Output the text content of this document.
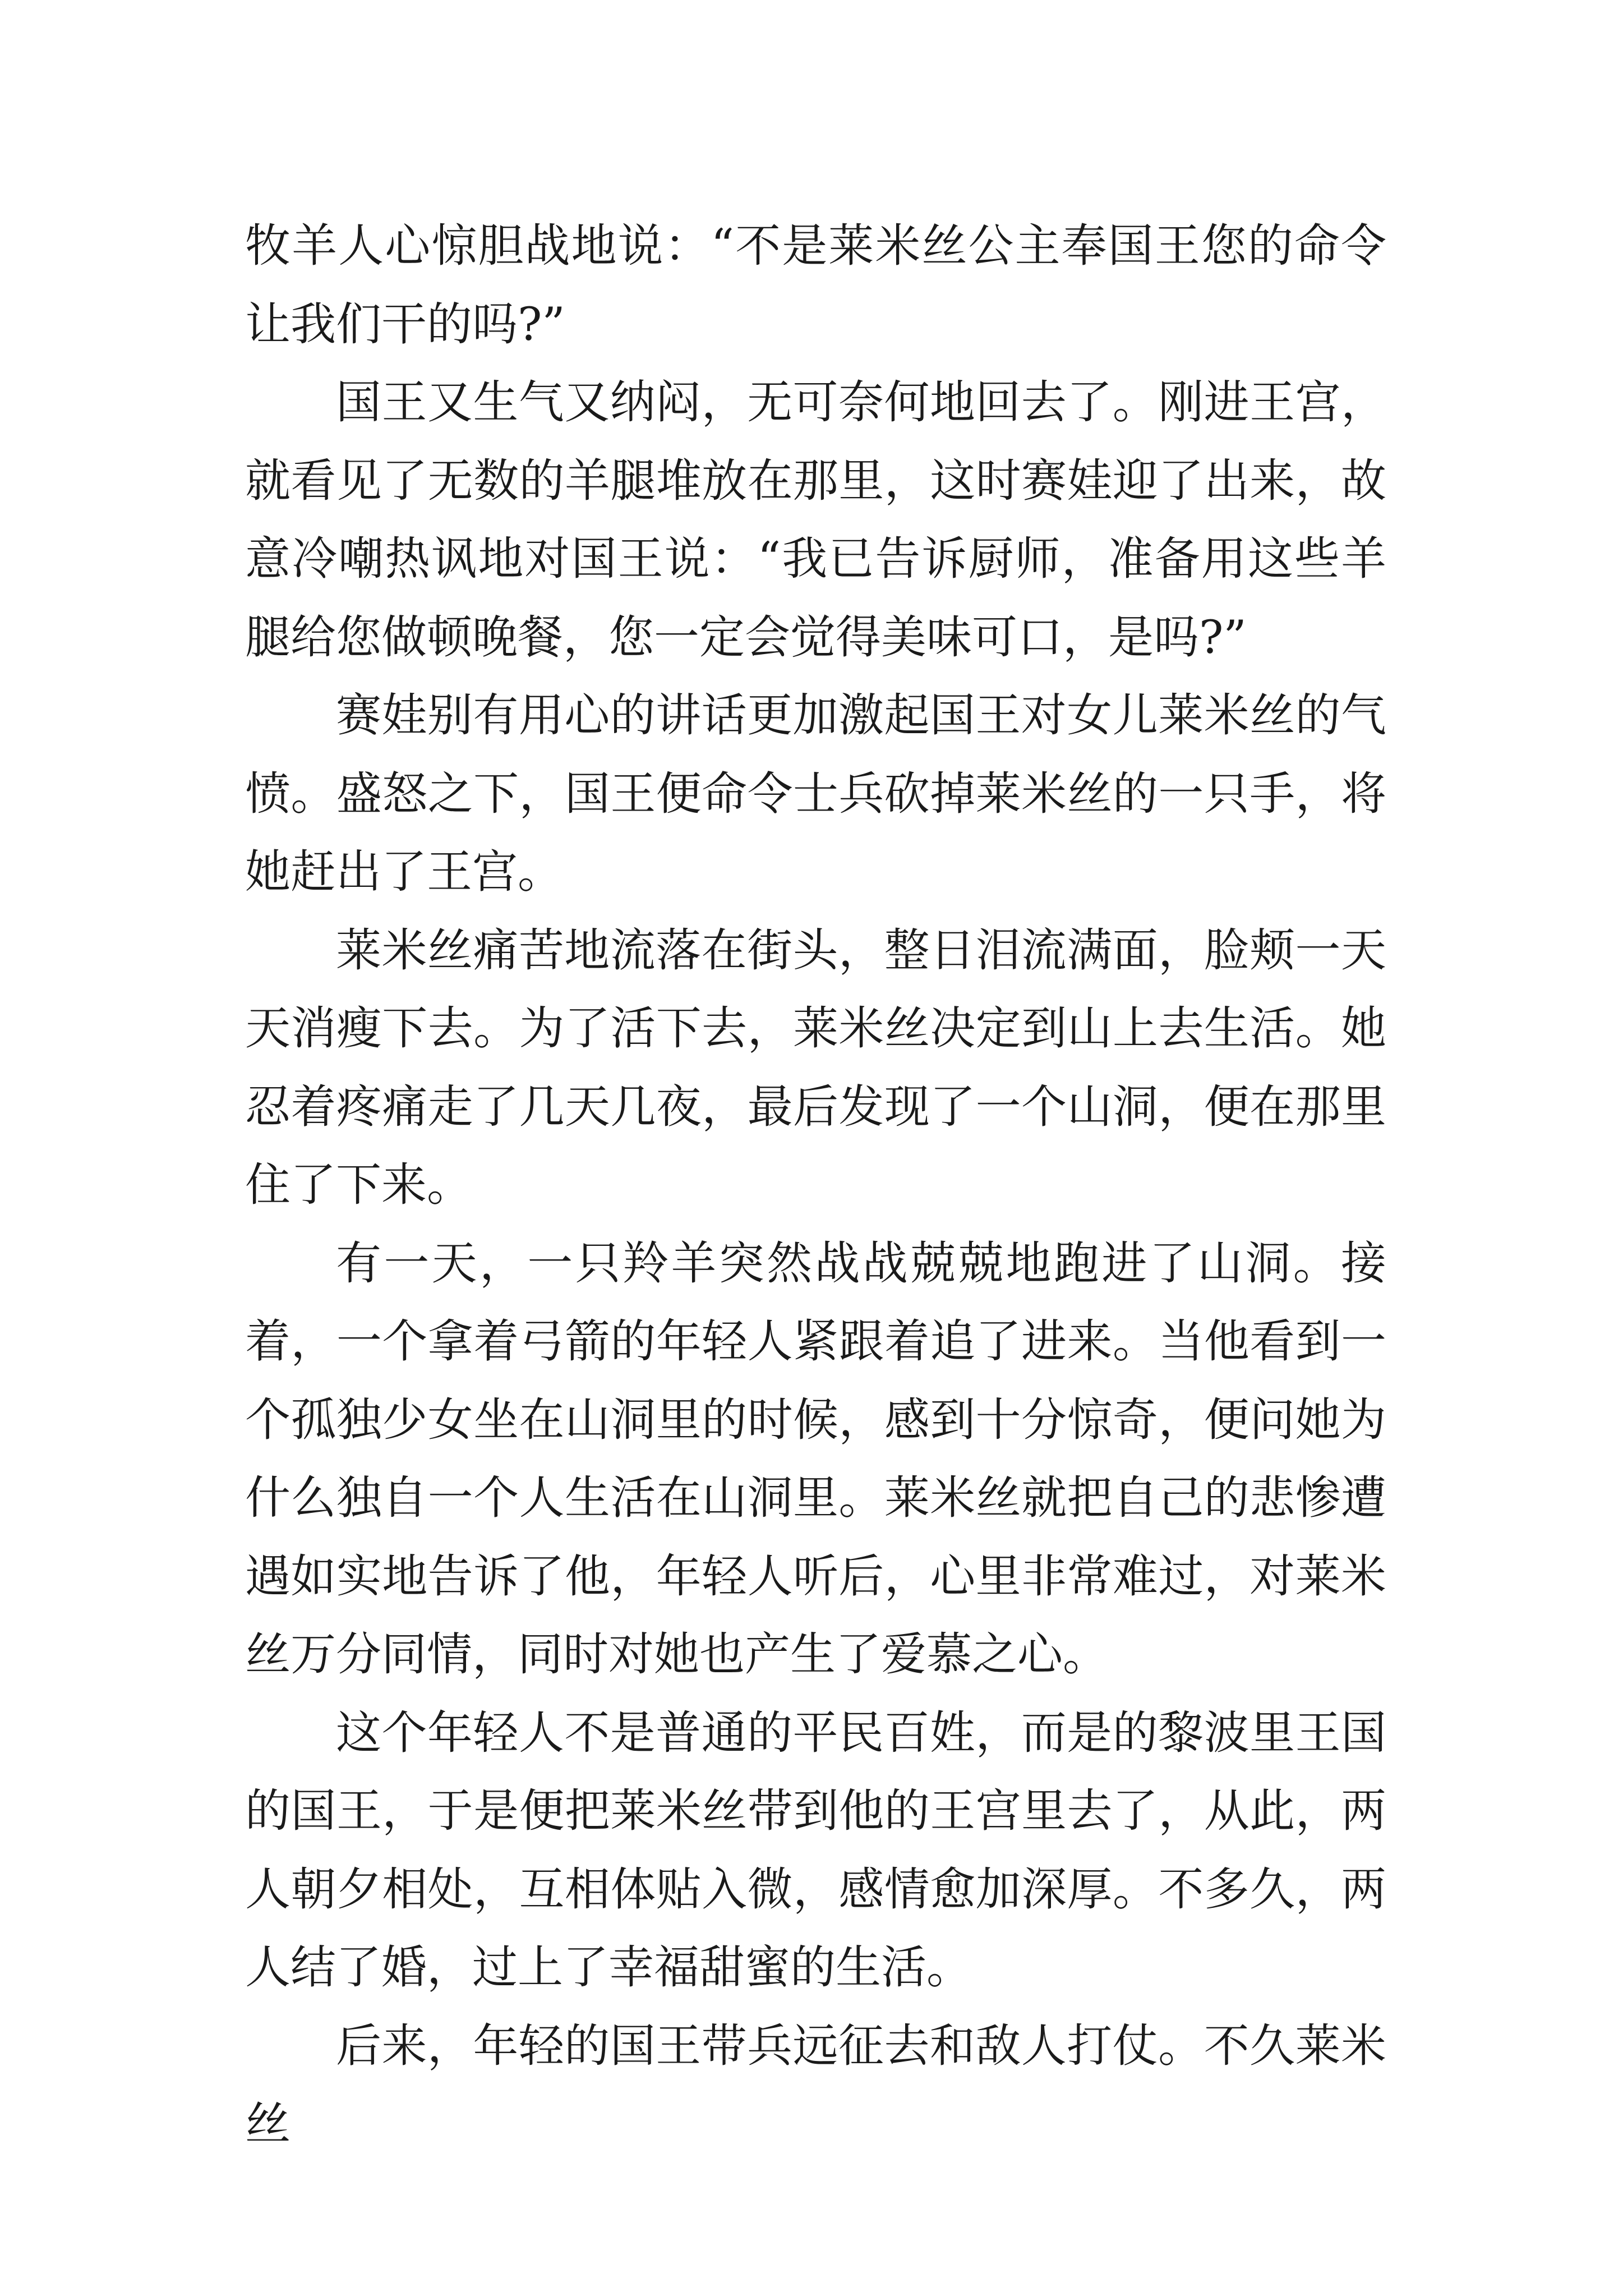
牧羊人心惊胆战地说：“不是莱米丝公主奉国王您的命令让我们干的吗?”

国王又生气又纳闷，无可奈何地回去了。刚进王宫，就看见了无数的羊腿堆放在那里，这时赛娃迎了出来，故意冷嘲热讽地对国王说：“我已告诉厨师，准备用这些羊腿给您做顿晚餐，您一定会觉得美味可口，是吗?”

赛娃别有用心的讲话更加激起国王对女儿莱米丝的气愤。盛怒之下，国王便命令士兵砍掉莱米丝的一只手，将她赶出了王宫。

莱米丝痛苦地流落在街头，整日泪流满面，脸颊一天天消瘦下去。为了活下去，莱米丝决定到山上去生活。她忍着疼痛走了几天几夜，最后发现了一个山洞，便在那里住了下来。

有一天，一只羚羊突然战战兢兢地跑进了山洞。接着，一个拿着弓箭的年轻人紧跟着追了进来。当他看到一个孤独少女坐在山洞里的时候，感到十分惊奇，便问她为什么独自一个人生活在山洞里。莱米丝就把自己的悲惨遭遇如实地告诉了他，年轻人听后，心里非常难过，对莱米丝万分同情，同时对她也产生了爱慕之心。

这个年轻人不是普通的平民百姓，而是的黎波里王国的国王，于是便把莱米丝带到他的王宫里去了，从此，两人朝夕相处，互相体贴入微，感情愈加深厚。不多久，两人结了婚，过上了幸福甜蜜的生活。

后来，年轻的国王带兵远征去和敌人打仗。不久莱米丝
